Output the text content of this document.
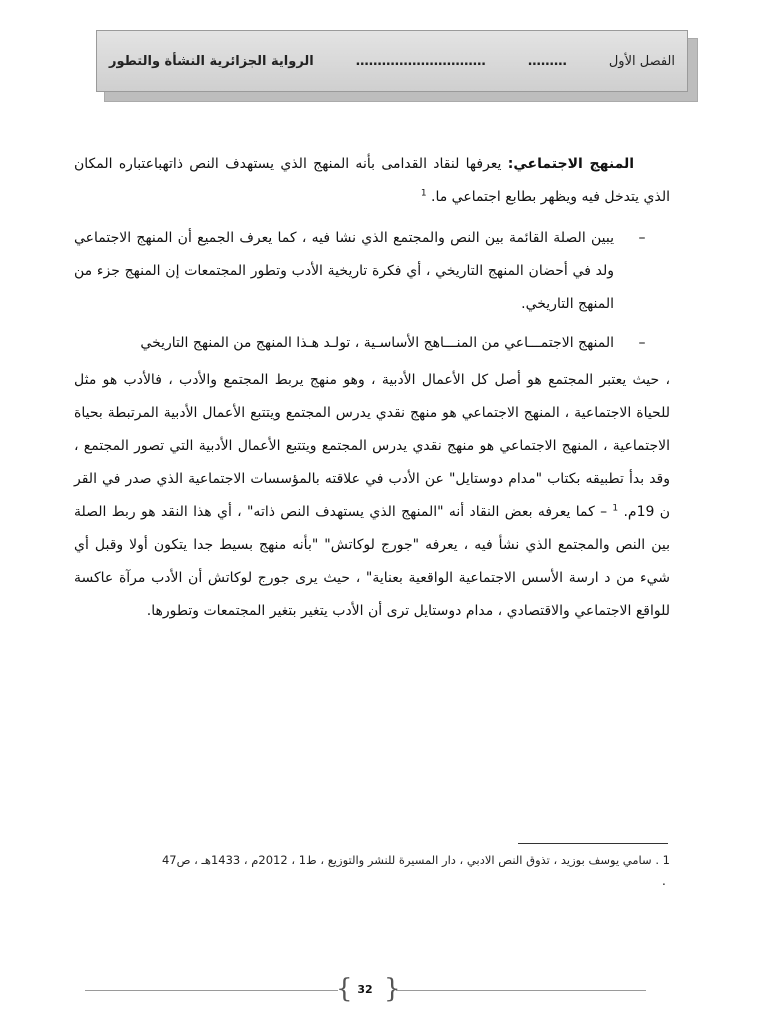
الفصل الأول
………
…………………………
الرواية الجزائرية النشأة والتطور

المنهج الاجتماعي: يعرفها لنقاد القدامى بأنه المنهج الذي يستهدف النص ذاتهباعتباره المكان الذي يتدخل فيه ويظهر بطابع اجتماعي ما. $^1$

–
يبين الصلة القائمة بين النص والمجتمع الذي نشا فيه ، كما يعرف الجميع أن المنهج الاجتماعي ولد في أحضان المنهج التاريخي ، أي فكرة تاريخية الأدب وتطور المجتمعات إن المنهج جزء من المنهج التاريخي.

–
المنهج الاجتمـــاعي من المنـــاهج الأساسـية ، تولـد هـذا المنهج من المنهج التاريخي

، حيث يعتبر المجتمع هو أصل كل الأعمال الأدبية ، وهو منهج يربط المجتمع والأدب ، فالأدب هو مثل للحياة الاجتماعية ، المنهج الاجتماعي هو منهج نقدي يدرس المجتمع ويتتبع الأعمال الأدبية المرتبطة بحياة الاجتماعية ، المنهج الاجتماعي هو منهج نقدي يدرس المجتمع ويتتبع الأعمال الأدبية التي تصور المجتمع ، وقد بدأ تطبيقه بكتاب "مدام دوستايل" عن الأدب في علاقته بالمؤسسات الاجتماعية الذي صدر في القر ن 19م. $^1$ – كما يعرفه بعض النقاد أنه "المنهج الذي يستهدف النص ذاته" ، أي هذا النقد هو ربط الصلة بين النص والمجتمع الذي نشأ فيه ، يعرفه "جورج لوكاتش" "بأنه منهج بسيط جدا يتكون أولا وقبل أي شيء من د ارسة الأسس الاجتماعية الواقعية بعناية" ، حيث يرى جورج لوكاتش أن الأدب مرآة عاكسة للواقع الاجتماعي والاقتصادي ، مدام دوستايل ترى أن الأدب يتغير بتغير المجتمعات وتطورها.

1 . سامي يوسف بوزيد ، تذوق النص الادبي ، دار المسيرة للنشر والتوزيع ، ط1 ، 2012م ، 1433هـ ، ص47
.
{ 32 }
